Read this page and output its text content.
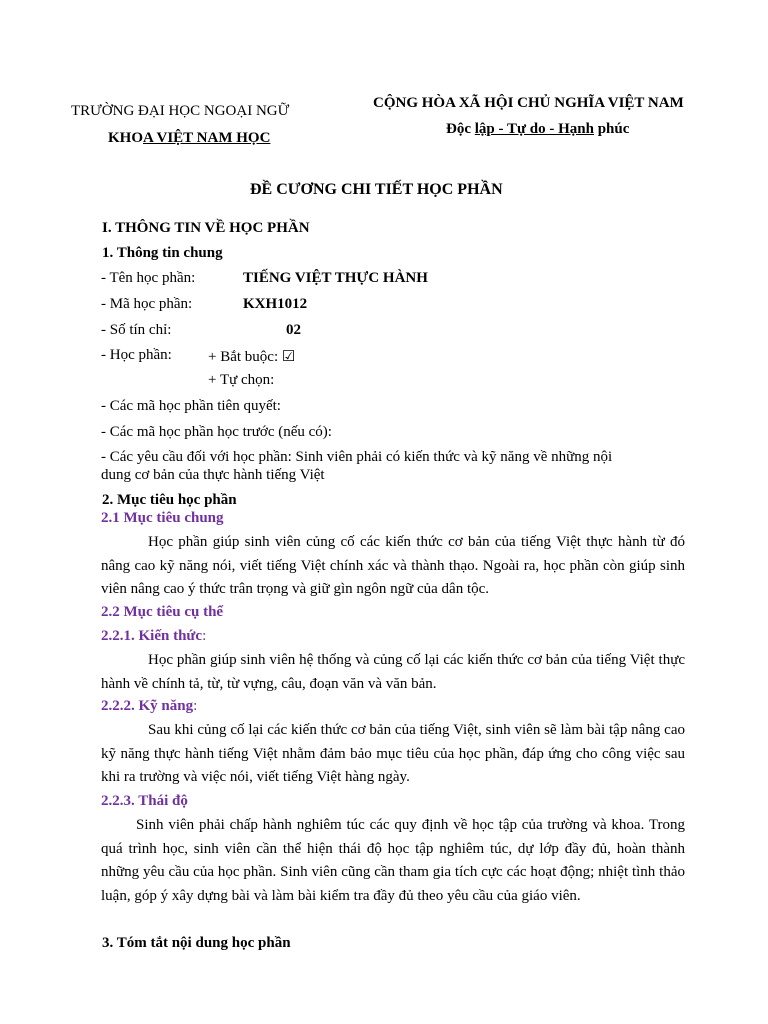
TRƯỜNG ĐẠI HỌC NGOẠI NGỮ
KHOA VIỆT NAM HỌC
CỘNG HÒA XÃ HỘI CHỦ NGHĨA VIỆT NAM
Độc lập - Tự do - Hạnh phúc
ĐỀ CƯƠNG CHI TIẾT HỌC PHẦN
I. THÔNG TIN VỀ HỌC PHẦN
1. Thông tin chung
- Tên học phần:	TIẾNG VIỆT THỰC HÀNH
- Mã học phần:	KXH1012
- Số tín chỉ:	02
- Học phần: + Bắt buộc: ☑
+ Tự chọn:
- Các mã học phần tiên quyết:
- Các mã học phần học trước (nếu có):
- Các yêu cầu đối với học phần: Sinh viên phải có kiến thức và kỹ năng về những nội
dung cơ bản của thực hành tiếng Việt
2. Mục tiêu học phần
2.1 Mục tiêu chung
Học phần giúp sinh viên củng cố các kiến thức cơ bản của tiếng Việt thực hành từ đó nâng cao kỹ năng nói, viết tiếng Việt chính xác và thành thạo. Ngoài ra, học phần còn giúp sinh viên nâng cao ý thức trân trọng và giữ gìn ngôn ngữ của dân tộc.
2.2 Mục tiêu cụ thể
2.2.1. Kiến thức:
Học phần giúp sinh viên hệ thống và củng cố lại các kiến thức cơ bản của tiếng Việt thực hành về chính tả, từ, từ vựng, câu, đoạn văn và văn bản.
2.2.2. Kỹ năng:
Sau khi củng cố lại các kiến thức cơ bản của tiếng Việt, sinh viên sẽ làm bài tập nâng cao kỹ năng thực hành tiếng Việt nhằm đảm bảo mục tiêu của học phần, đáp ứng cho công việc sau khi ra trường và việc nói, viết tiếng Việt hàng ngày.
2.2.3. Thái độ
Sinh viên phải chấp hành nghiêm túc các quy định về học tập của trường và khoa. Trong quá trình học, sinh viên cần thể hiện thái độ học tập nghiêm túc, dự lớp đầy đủ, hoàn thành những yêu cầu của học phần. Sinh viên cũng cần tham gia tích cực các hoạt động; nhiệt tình thảo luận, góp ý xây dựng bài và làm bài kiểm tra đầy đủ theo yêu cầu của giáo viên.
3. Tóm tắt nội dung học phần
